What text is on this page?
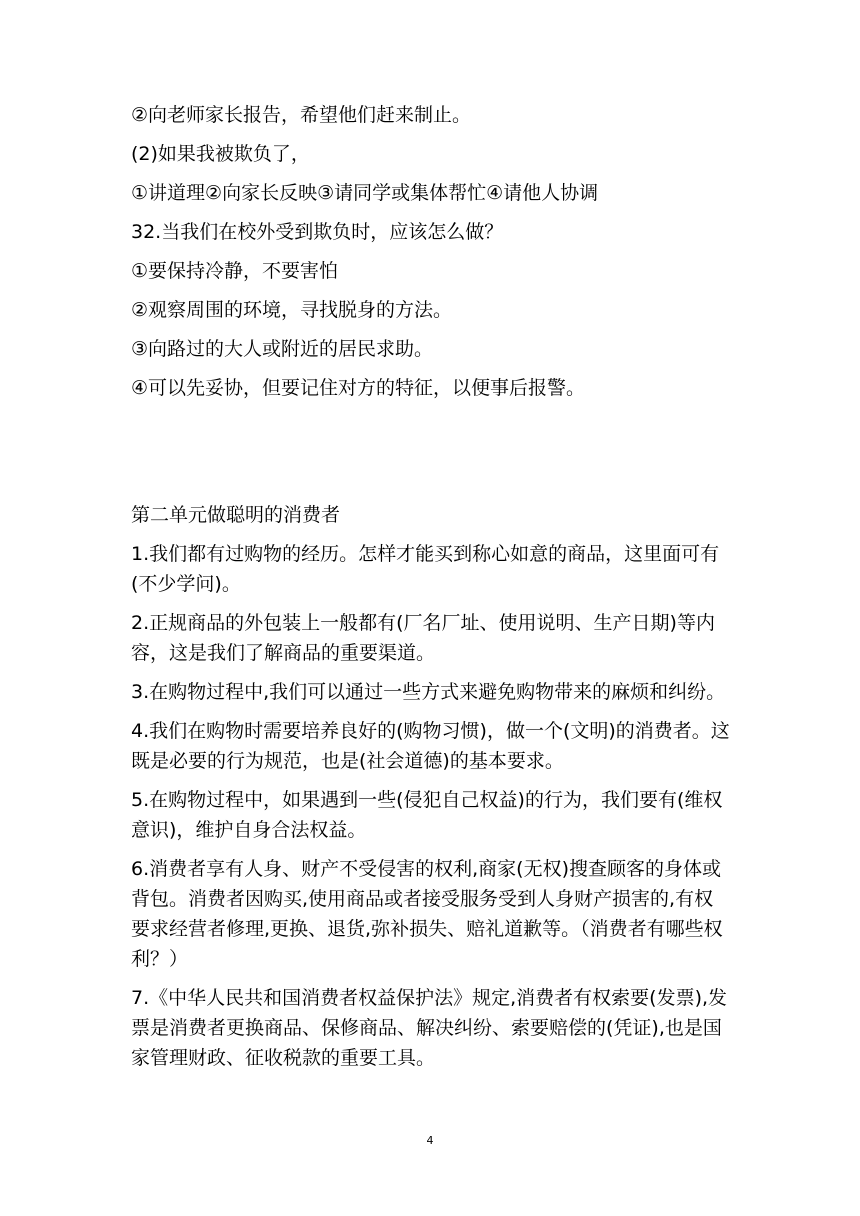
②向老师家长报告，希望他们赶来制止。

(2)如果我被欺负了，

①讲道理②向家长反映③请同学或集体帮忙④请他人协调

32.当我们在校外受到欺负时，应该怎么做？

①要保持冷静，不要害怕

②观察周围的环境，寻找脱身的方法。

③向路过的大人或附近的居民求助。

④可以先妥协，但要记住对方的特征，以便事后报警。

第二单元做聪明的消费者

1.我们都有过购物的经历。怎样才能买到称心如意的商品，这里面可有(不少学问)。

2.正规商品的外包装上一般都有(厂名厂址、使用说明、生产日期)等内容，这是我们了解商品的重要渠道。

3.在购物过程中,我们可以通过一些方式来避免购物带来的麻烦和纠纷。

4.我们在购物时需要培养良好的(购物习惯)，做一个(文明)的消费者。这既是必要的行为规范，也是(社会道德)的基本要求。

5.在购物过程中，如果遇到一些(侵犯自己权益)的行为，我们要有(维权意识)，维护自身合法权益。

6.消费者享有人身、财产不受侵害的权利,商家(无权)搜查顾客的身体或背包。消费者因购买,使用商品或者接受服务受到人身财产损害的,有权要求经营者修理,更换、退货,弥补损失、赔礼道歉等。（消费者有哪些权利？）

7.《中华人民共和国消费者权益保护法》规定,消费者有权索要(发票),发票是消费者更换商品、保修商品、解决纠纷、索要赔偿的(凭证),也是国家管理财政、征收税款的重要工具。

4
